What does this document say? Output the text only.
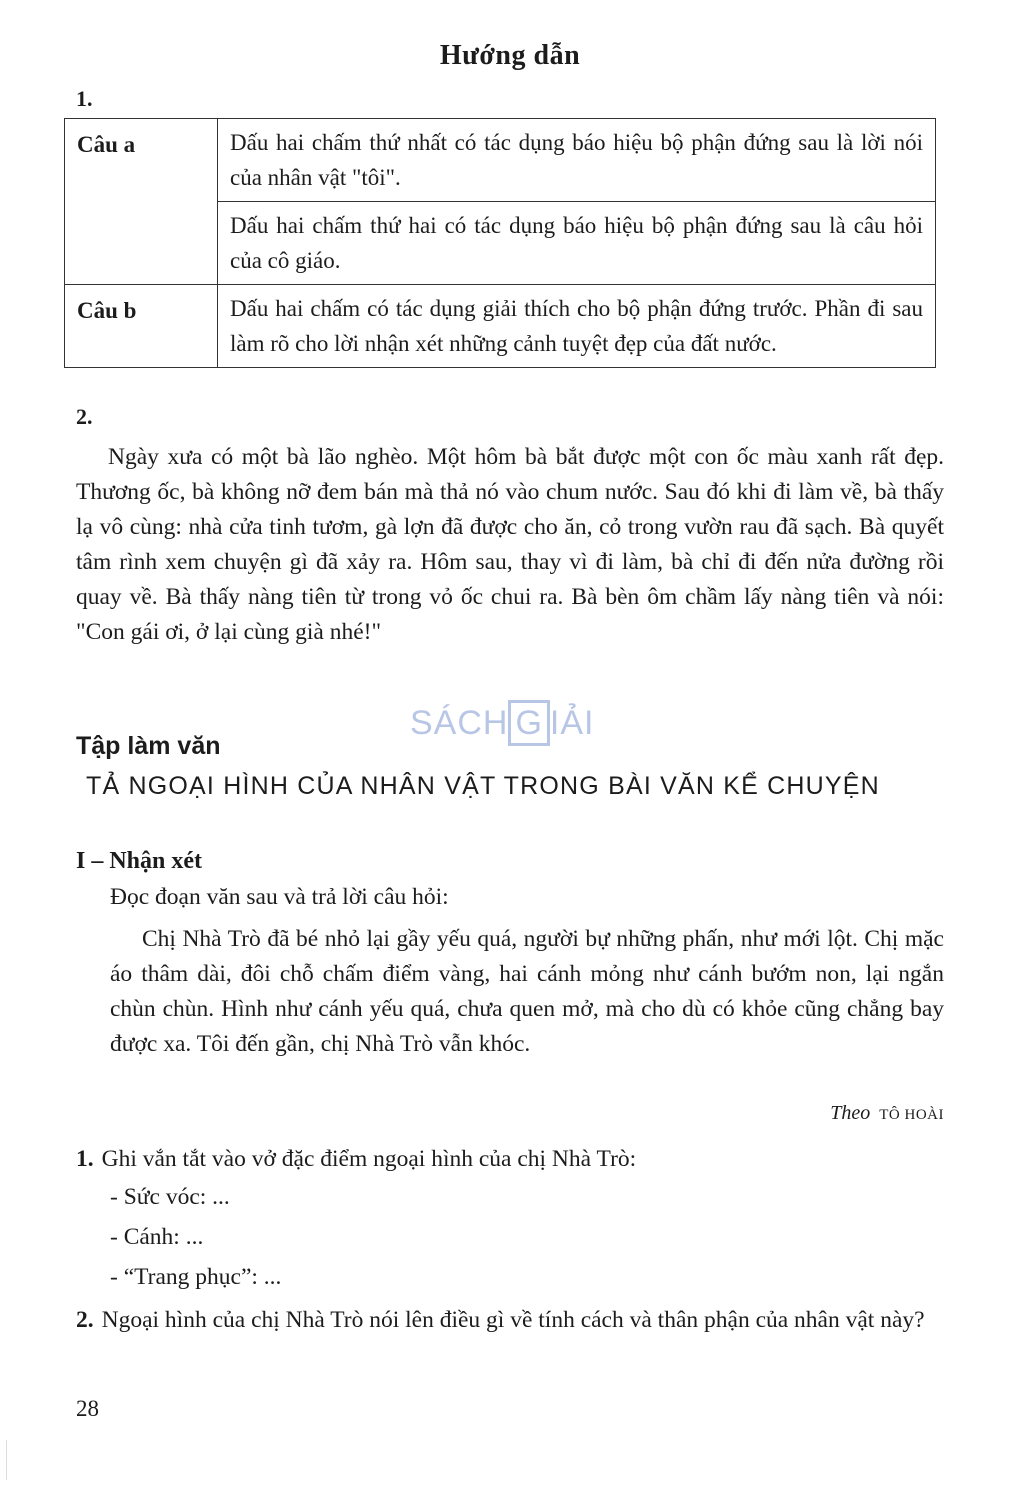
Hướng dẫn
1.
Câu a	Dấu hai chấm thứ nhất có tác dụng báo hiệu bộ phận đứng sau là lời nói của nhân vật "tôi".
	Dấu hai chấm thứ hai có tác dụng báo hiệu bộ phận đứng sau là câu hỏi của cô giáo.
Câu b	Dấu hai chấm có tác dụng giải thích cho bộ phận đứng trước. Phần đi sau làm rõ cho lời nhận xét những cảnh tuyệt đẹp của đất nước.
2.

Ngày xưa có một bà lão nghèo. Một hôm bà bắt được một con ốc màu xanh rất đẹp. Thương ốc, bà không nỡ đem bán mà thả nó vào chum nước. Sau đó khi đi làm về, bà thấy lạ vô cùng: nhà cửa tinh tươm, gà lợn đã được cho ăn, cỏ trong vườn rau đã sạch. Bà quyết tâm rình xem chuyện gì đã xảy ra. Hôm sau, thay vì đi làm, bà chỉ đi đến nửa đường rồi quay về. Bà thấy nàng tiên từ trong vỏ ốc chui ra. Bà bèn ôm chầm lấy nàng tiên và nói: "Con gái ơi, ở lại cùng già nhé!"

SÁCH G IẢI
Tập làm văn
TẢ NGOẠI HÌNH CỦA NHÂN VẬT TRONG BÀI VĂN KỂ CHUYỆN
I – Nhận xét
Đọc đoạn văn sau và trả lời câu hỏi:

Chị Nhà Trò đã bé nhỏ lại gầy yếu quá, người bự những phấn, như mới lột. Chị mặc áo thâm dài, đôi chỗ chấm điểm vàng, hai cánh mỏng như cánh bướm non, lại ngắn chùn chùn. Hình như cánh yếu quá, chưa quen mở, mà cho dù có khỏe cũng chẳng bay được xa. Tôi đến gần, chị Nhà Trò vẫn khóc.

Theo TÔ HOÀI
1. Ghi vắn tắt vào vở đặc điểm ngoại hình của chị Nhà Trò:
- Sức vóc: ...
- Cánh: ...
- “Trang phục”: ...
2. Ngoại hình của chị Nhà Trò nói lên điều gì về tính cách và thân phận của nhân vật này?
28
